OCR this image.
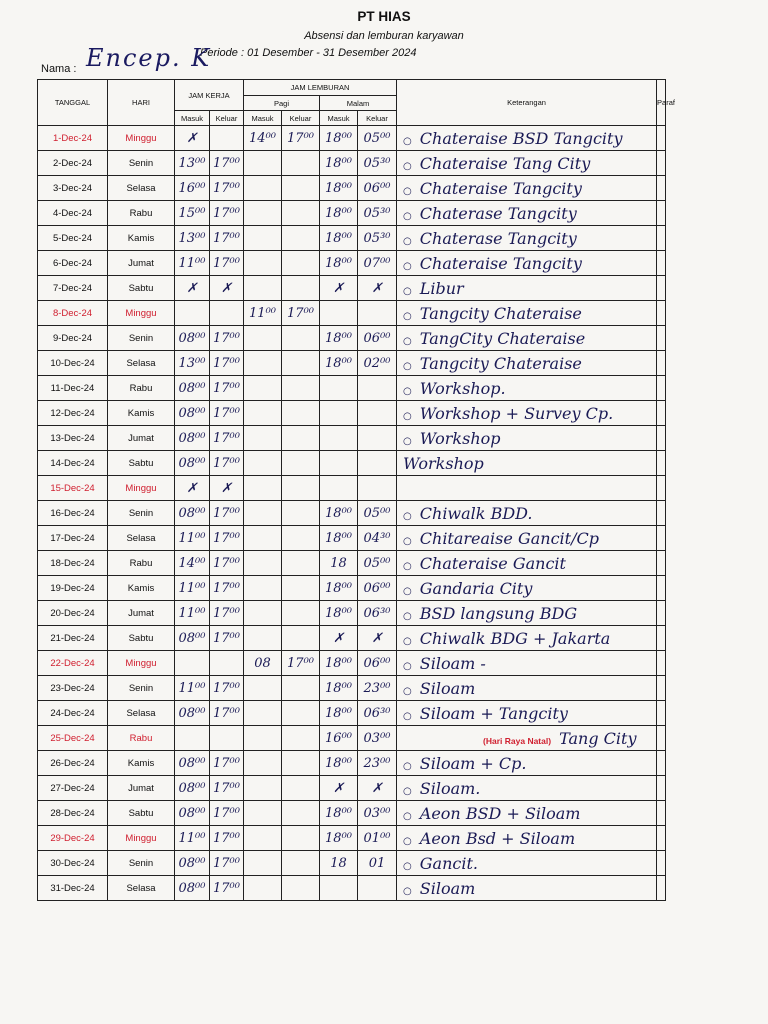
PT HIAS
Absensi dan lemburan karyawan
Periode : 01 Desember - 31 Desember 2024
Nama : Encep. K
TANGGAL	HARI	JAM KERJA		JAM LEMBURAN				Keterangan	Paraf
				Pagi		Malam			
		Masuk	Keluar	Masuk	Keluar	Masuk	Keluar		
1-Dec-24	Minggu	✗		14⁰⁰	17⁰⁰	18⁰⁰	05⁰⁰	○ Chateraise BSD Tangcity	
2-Dec-24	Senin	13⁰⁰	17⁰⁰			18⁰⁰	05³⁰	○ Chateraise Tang City	
3-Dec-24	Selasa	16⁰⁰	17⁰⁰			18⁰⁰	06⁰⁰	○ Chateraise Tangcity	
4-Dec-24	Rabu	15⁰⁰	17⁰⁰			18⁰⁰	05³⁰	○ Chaterase Tangcity	
5-Dec-24	Kamis	13⁰⁰	17⁰⁰			18⁰⁰	05³⁰	○ Chaterase Tangcity	
6-Dec-24	Jumat	11⁰⁰	17⁰⁰			18⁰⁰	07⁰⁰	○ Chateraise Tangcity	
7-Dec-24	Sabtu	✗	✗			✗	✗	○ Libur	
8-Dec-24	Minggu			11⁰⁰	17⁰⁰			○ Tangcity Chateraise	
9-Dec-24	Senin	08⁰⁰	17⁰⁰			18⁰⁰	06⁰⁰	○ TangCity Chateraise	
10-Dec-24	Selasa	13⁰⁰	17⁰⁰			18⁰⁰	02⁰⁰	○ Tangcity Chateraise	
11-Dec-24	Rabu	08⁰⁰	17⁰⁰					○ Workshop.	
12-Dec-24	Kamis	08⁰⁰	17⁰⁰					○ Workshop + Survey Cp.	
13-Dec-24	Jumat	08⁰⁰	17⁰⁰					○ Workshop	
14-Dec-24	Sabtu	08⁰⁰	17⁰⁰					Workshop	
15-Dec-24	Minggu	✗	✗						
16-Dec-24	Senin	08⁰⁰	17⁰⁰			18⁰⁰	05⁰⁰	○ Chiwalk BDD.	
17-Dec-24	Selasa	11⁰⁰	17⁰⁰			18⁰⁰	04³⁰	○ Chitareaise Gancit/Cp	
18-Dec-24	Rabu	14⁰⁰	17⁰⁰			18	05⁰⁰	○ Chateraise Gancit	
19-Dec-24	Kamis	11⁰⁰	17⁰⁰			18⁰⁰	06⁰⁰	○ Gandaria City	
20-Dec-24	Jumat	11⁰⁰	17⁰⁰			18⁰⁰	06³⁰	○ BSD langsung BDG	
21-Dec-24	Sabtu	08⁰⁰	17⁰⁰			✗	✗	○ Chiwalk BDG + Jakarta	
22-Dec-24	Minggu			08	17⁰⁰	18⁰⁰	06⁰⁰	○ Siloam -	
23-Dec-24	Senin	11⁰⁰	17⁰⁰			18⁰⁰	23⁰⁰	○ Siloam	
24-Dec-24	Selasa	08⁰⁰	17⁰⁰			18⁰⁰	06³⁰	○ Siloam + Tangcity	
25-Dec-24	Rabu					16⁰⁰	03⁰⁰	(Hari Raya Natal) Tang City	
26-Dec-24	Kamis	08⁰⁰	17⁰⁰			18⁰⁰	23⁰⁰	○ Siloam + Cp.	
27-Dec-24	Jumat	08⁰⁰	17⁰⁰			✗	✗	○ Siloam.	
28-Dec-24	Sabtu	08⁰⁰	17⁰⁰			18⁰⁰	03⁰⁰	○ Aeon BSD + Siloam	
29-Dec-24	Minggu	11⁰⁰	17⁰⁰			18⁰⁰	01⁰⁰	○ Aeon Bsd + Siloam	
30-Dec-24	Senin	08⁰⁰	17⁰⁰			18	01	○ Gancit.	
31-Dec-24	Selasa	08⁰⁰	17⁰⁰					○ Siloam	
